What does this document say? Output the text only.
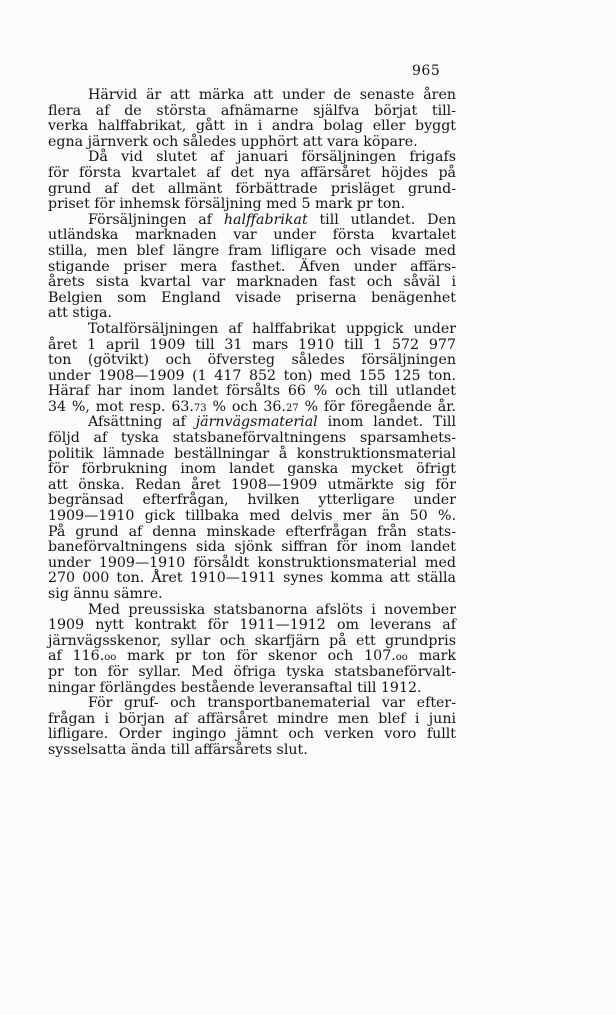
965
Härvid är att märka att under de senaste åren
flera af de största afnämarne själfva börjat till-
verka halffabrikat, gått in i andra bolag eller byggt
egna järnverk och således upphört att vara köpare.
Då vid slutet af januari försäljningen frigafs
för första kvartalet af det nya affärsåret höjdes på
grund af det allmänt förbättrade prisläget grund-
priset för inhemsk försäljning med 5 mark pr ton.
Försäljningen af halffabrikat till utlandet. Den
utländska marknaden var under första kvartalet
stilla, men blef längre fram lifligare och visade med
stigande priser mera fasthet. Äfven under affärs-
årets sista kvartal var marknaden fast och såväl i
Belgien som England visade priserna benägenhet
att stiga.
Totalförsäljningen af halffabrikat uppgick under
året 1 april 1909 till 31 mars 1910 till 1 572 977
ton (götvikt) och öfversteg således försäljningen
under 1908—1909 (1 417 852 ton) med 155 125 ton.
Häraf har inom landet försålts 66 % och till utlandet
34 %, mot resp. 63.73 % och 36.27 % för föregående år.
Afsättning af järnvägsmaterial inom landet. Till
följd af tyska statsbaneförvaltningens sparsamhets-
politik lämnade beställningar å konstruktionsmaterial
för förbrukning inom landet ganska mycket öfrigt
att önska. Redan året 1908—1909 utmärkte sig för
begränsad efterfrågan, hvilken ytterligare under
1909—1910 gick tillbaka med delvis mer än 50 %.
På grund af denna minskade efterfrågan från stats-
baneförvaltningens sida sjönk siffran för inom landet
under 1909—1910 försåldt konstruktionsmaterial med
270 000 ton. Året 1910—1911 synes komma att ställa
sig ännu sämre.
Med preussiska statsbanorna afslöts i november
1909 nytt kontrakt för 1911—1912 om leverans af
järnvägsskenor, syllar och skarfjärn på ett grundpris
af 116.oo mark pr ton för skenor och 107.oo mark
pr ton för syllar. Med öfriga tyska statsbaneförvalt-
ningar förlängdes bestående leveransaftal till 1912.
För gruf- och transportbanematerial var efter-
frågan i början af affärsåret mindre men blef i juni
lifligare. Order ingingo jämnt och verken voro fullt
sysselsatta ända till affärsårets slut.
